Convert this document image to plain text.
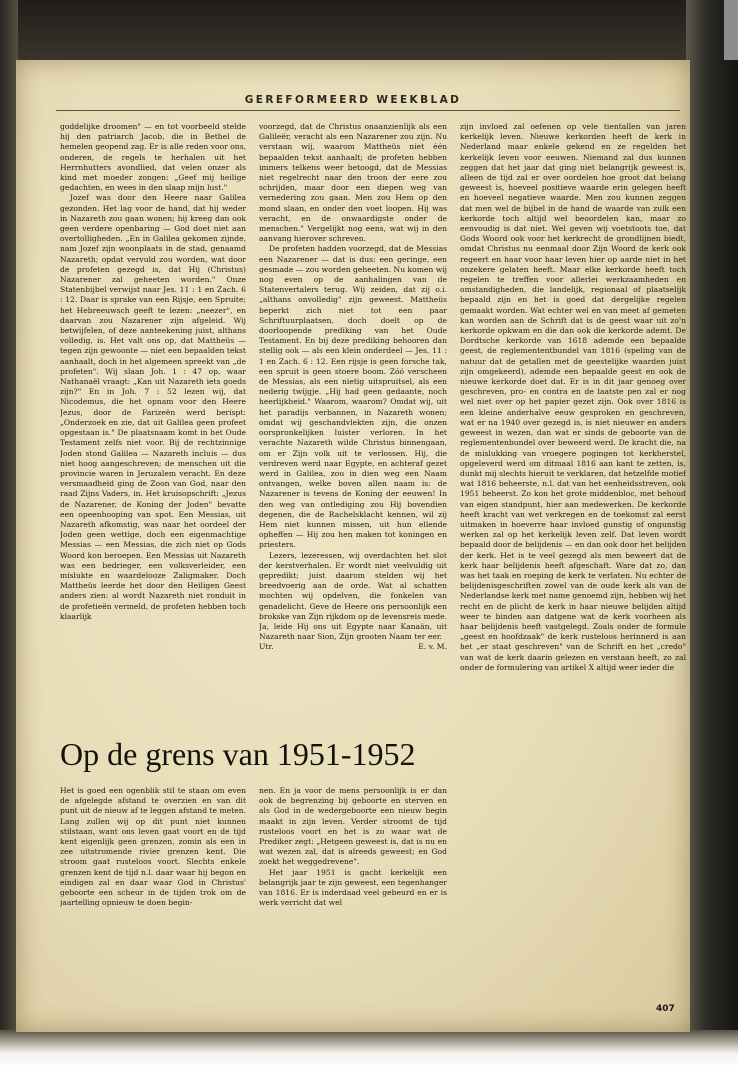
GEREFORMEERD WEEKBLAD

goddelijke droomen" — en tot voorbeeld stelde hij den patriarch Jacob, die in Bethel de hemelen geopend zag. Er is alle reden voor ons, onderen, de regels te herhalen uit het Herrnhutters avondlied, dat velen onzer als kind met moeder zongen: „Geef mij heilige gedachten, en wees in den slaap mijn lust."

Jozef was door den Heere naar Galilea gezonden. Het lag voor de hand, dat hij weder in Nazareth zou gaan wonen; hij kreeg dan ook geen verdere openbaring — God doet niet aan overtolligheden. „En in Galilea gekomen zijnde, nam Jozef zijn woonplaats in de stad, genaamd Nazareth; opdat vervuld zou worden, wat door de profeten gezegd is, dat Hij (Christus) Nazarener zal geheeten worden." Onze Statenbijbel verwijst naar Jes. 11 : 1 en Zach. 6 : 12. Daar is sprake van een Rijsje, een Spruite; het Hebreeuwsch geeft te lezen: „neezer", en daarvan zou Nazarener zijn afgeleid. Wij betwijfelen, of deze aanteekening juist, althans volledig, is. Het valt ons op, dat Mattheüs — tegen zijn gewoonte — niet een bepaalden tekst aanhaalt, doch in het algemeen spreekt van „de profeten". Wij slaan Joh. 1 : 47 op, waar Nathanaël vraagt: „Kan uit Nazareth iets goeds zijn?" En in Joh. 7 : 52 lezen wij, dat Nicodemus, die het opnam voor den Heere Jezus, door de Farizeën werd berispt: „Onderzoek en zie, dat uit Galilea geen profeet opgestaan is." De plaatsnaam komt in het Oude Testament zelfs niet voor. Bij de rechtzinnige Joden stond Galilea — Nazareth incluis — dus niet hoog aangeschreven; de menschen uit die provincie waren in Jeruzalem veracht. En deze versmaadheid ging de Zoon van God, naar den raad Zijns Vaders, in. Het kruisopschrift: „Jezus de Nazarener, de Koning der Joden" bevatte een opeenhooping van spot. Een Messias, uit Nazareth afkomstig, was naar het oordeel der Joden geen wettige, doch een eigenmachtige Messias — een Messias, die zich niet op Gods Woord kon beroepen. Een Messias uit Nazareth was een bedrieger, een volksverleider, een mislukte en waardelooze Zaligmaker. Doch Mattheüs leerde het door den Heiligen Geest anders zien: al wordt Nazareth niet ronduit in de profetieën vermeld, de profeten hebben toch klaarlijk

voorzegd, dat de Christus onaanzienlijk als een Galileër, veracht als een Nazarener zou zijn. Nu verstaan wij, waarom Mattheüs niet één bepaalden tekst aanhaalt; de profeten hebben immers telkens weer betoogd, dat de Messias niet regelrecht naar den troon der eere zou schrijden, maar door een diepen weg van vernedering zou gaan. Men zou Hem op den mond slaan, en onder den voet loopen. Hij was veracht, en de onwaardigste onder de menschen." Vergelijkt nog eens, wat wij in den aanvang hierover schreven.

De profeten hadden voorzegd, dat de Messias een Nazarener — dat is dus: een geringe, een gesmade — zou worden geheeten. Nu komen wij nog even op de aanhalingen van de Statenvertalers terug. Wij zeiden, dat zij o.i. „althans onvolledig" zijn geweest. Mattheüs beperkt zich niet tot een paar Schriftuurplaatsen, doch doelt op de doorloopende prediking van het Oude Testament. En bij deze prediking behooren dan stellig ook — als een klein onderdeel — Jes. 11 : 1 en Zach. 6 : 12. Een rijsje is geen forsche tak, een spruit is geen stoere boom. Zóó verscheen de Messias, als een nietig uitspruitsel, als een nederig twijgje. „Hij had geen gedaante, noch heerlijkheid." Waarom, waarom? Omdat wij, uit het paradijs verbannen, in Nazareth wonen; omdat wij geschandvlekten zijn, die onzen oorspronkelijken luister verloren. In het verachte Nazareth wilde Christus binnengaan, om er Zijn volk uit te verlossen. Hij, die verdreven werd naar Egypte, en achteraf gezet werd in Galilea, zou in dien weg een Naam ontvangen, welke boven allen naam is: de Nazarener is tevens de Koning der eeuwen! In den weg van ontlediging zou Hij bovendien degenen, die de Rachelsklacht kennen, wil zij Hem niet kunnen missen, uit hun ellende opheffen — Hij zou hen maken tot koningen en priesters.

Lezers, lezeressen, wij overdachten het slot der kerstverhalen. Er wordt niet veelvuldig uit gepredikt; juist daarom stelden wij het breedvoerig aan de orde. Wat al schatten mochten wij opdelven, die fonkelen van genadelicht. Geve de Heere ons persoonlijk een brokske van Zijn rijkdom op de levensreis mede. Ja, leide Hij ons uit Egypte naar Kanaän, uit Nazareth naar Sion, Zijn grooten Naam ter eer.

Utr.	E. v. M.

zijn invloed zal oefenen op vele tientallen van jaren kerkelijk leven. Nieuwe kerkorden heeft de kerk in Nederland maar enkele gekend en ze regelden het kerkelijk leven voor eeuwen. Niemand zal dus kunnen zeggen dat het jaar dat ging niet belangrijk geweest is, alleen de tijd zal er over oordelen hoe groot dat belang geweest is, hoeveel positieve waarde erin gelegen heeft en hoeveel negatieve waarde. Men zou kunnen zeggen dat men wel de bijbel in de hand de waarde van zulk een kerkorde toch altijd wel beoordelen kan, maar zo eenvoudig is dat niet. Wel geven wij voetstoots toe, dat Gods Woord ook voor het kerkrecht de grondlijnen biedt, omdat Christus nu eenmaal door Zijn Woord de kerk ook regeert en haar voor haar leven hier op aarde niet in het onzekere gelaten heeft. Maar elke kerkorde heeft toch regelen te treffen voor allerlei werkzaamheden en omstandigheden, die landelijk, regionaal of plaatselijk bepaald zijn en het is goed dat dergelijke regelen gemaakt worden. Wat echter wel en van meet af gemeten kan worden aan de Schrift dat is de geest waar uit zo'n kerkorde opkwam en die dan ook die kerkorde ademt. De Dordtsche kerkorde van 1618 ademde een bepaalde geest, de reglemententbundel van 1816 (speling van de natuur dat de getallen met de geestelijke waarden juist zijn omgekeerd), ademde een bepaalde geest en ook de nieuwe kerkorde doet dat. Er is in dit jaar genoeg over geschreven, pro- en contra en de laatste pen zal er nog wel niet over op het papier gezet zijn. Ook over 1816 is een kleine anderhalve eeuw gesproken en geschreven, wat er na 1940 over gezegd is, is niet nieuwer en anders geweest in wezen, dan wat er sinds de geboorte van de reglementenbundel over beweerd werd. De kracht die, na de mislukking van vroegere pogingen tot kerkherstel, opgeleverd werd om ditmaal 1816 aan kant te zetten, is, dunkt mij slechts hieruit te verklaren, dat hetzelfde motief wat 1816 beheerste, n.l. dat van het eenheidsstreven, ook 1951 beheerst. Zo kon het grote middenbloc, met behoud van eigen standpunt, hier aan medewerken. De kerkorde heeft kracht van wet verkregen en de toekomst zal eerst uitmaken in hoeverre haar invloed gunstig of ongunstig werken zal op het kerkelijk leven zelf. Dat leven wordt bepaald door de belijdenis — en dan ook door het belijden der kerk. Het is te veel gezegd als men beweert dat de kerk haar belijdenis heeft afgeschaft. Ware dat zo, dan was het taak en roeping de kerk te verlaten. Nu echter de belijdenisgeschriften zowel van de oude kerk als van de Nederlandse kerk met name genoemd zijn, hebben wij het recht en de plicht de kerk in haar nieuwe belijden altijd weer te binden aan datgene wat de kerk voorheen als haar belijdenis heeft vastgelegd. Zoals onder de formule „geest en hoofdzaak" de kerk rusteloos herinnerd is aan het „er staat geschreven" van de Schrift en het „credo" van wat de kerk daarin gelezen en verstaan heeft, zo zal onder de formulering van artikel X altijd weer ieder die

Op de grens van 1951-1952

Het is goed een ogenblik stil te staan om even de afgelegde afstand te overzien en van dit punt uit de nieuw af te leggen afstand te meten. Lang zullen wij op dit punt niet kunnen stilstaan, want ons leven gaat voort en de tijd kent eigenlijk geen grenzen, zomin als een in zee uitstromende rivier grenzen kent. Die stroom gaat rusteloos voort. Slechts enkele grenzen kent de tijd n.l. daar waar hij begon en eindigen zal en daar waar God in Christus' geboorte een scheur in de tijden trok om de jaartelling opnieuw te doen begin-

nen. En ja voor de mens persoonlijk is er dan ook de begrenzing bij geboorte en sterven en als God in de wedergeboorte een nieuw begin maakt in zijn leven. Verder stroomt de tijd rusteloos voort en het is zo waar wat de Prediker zegt: „Hetgeen geweest is, dat is nu en wat wezen zal, dat is alreeds geweest; en God zoekt het weggedrevene".

Het jaar 1951 is gacht kerkelijk een belangrijk jaar te zijn geweest, een tegenhanger van 1816. Er is inderdaad veel gebeurd en er is werk verricht dat wel

407
